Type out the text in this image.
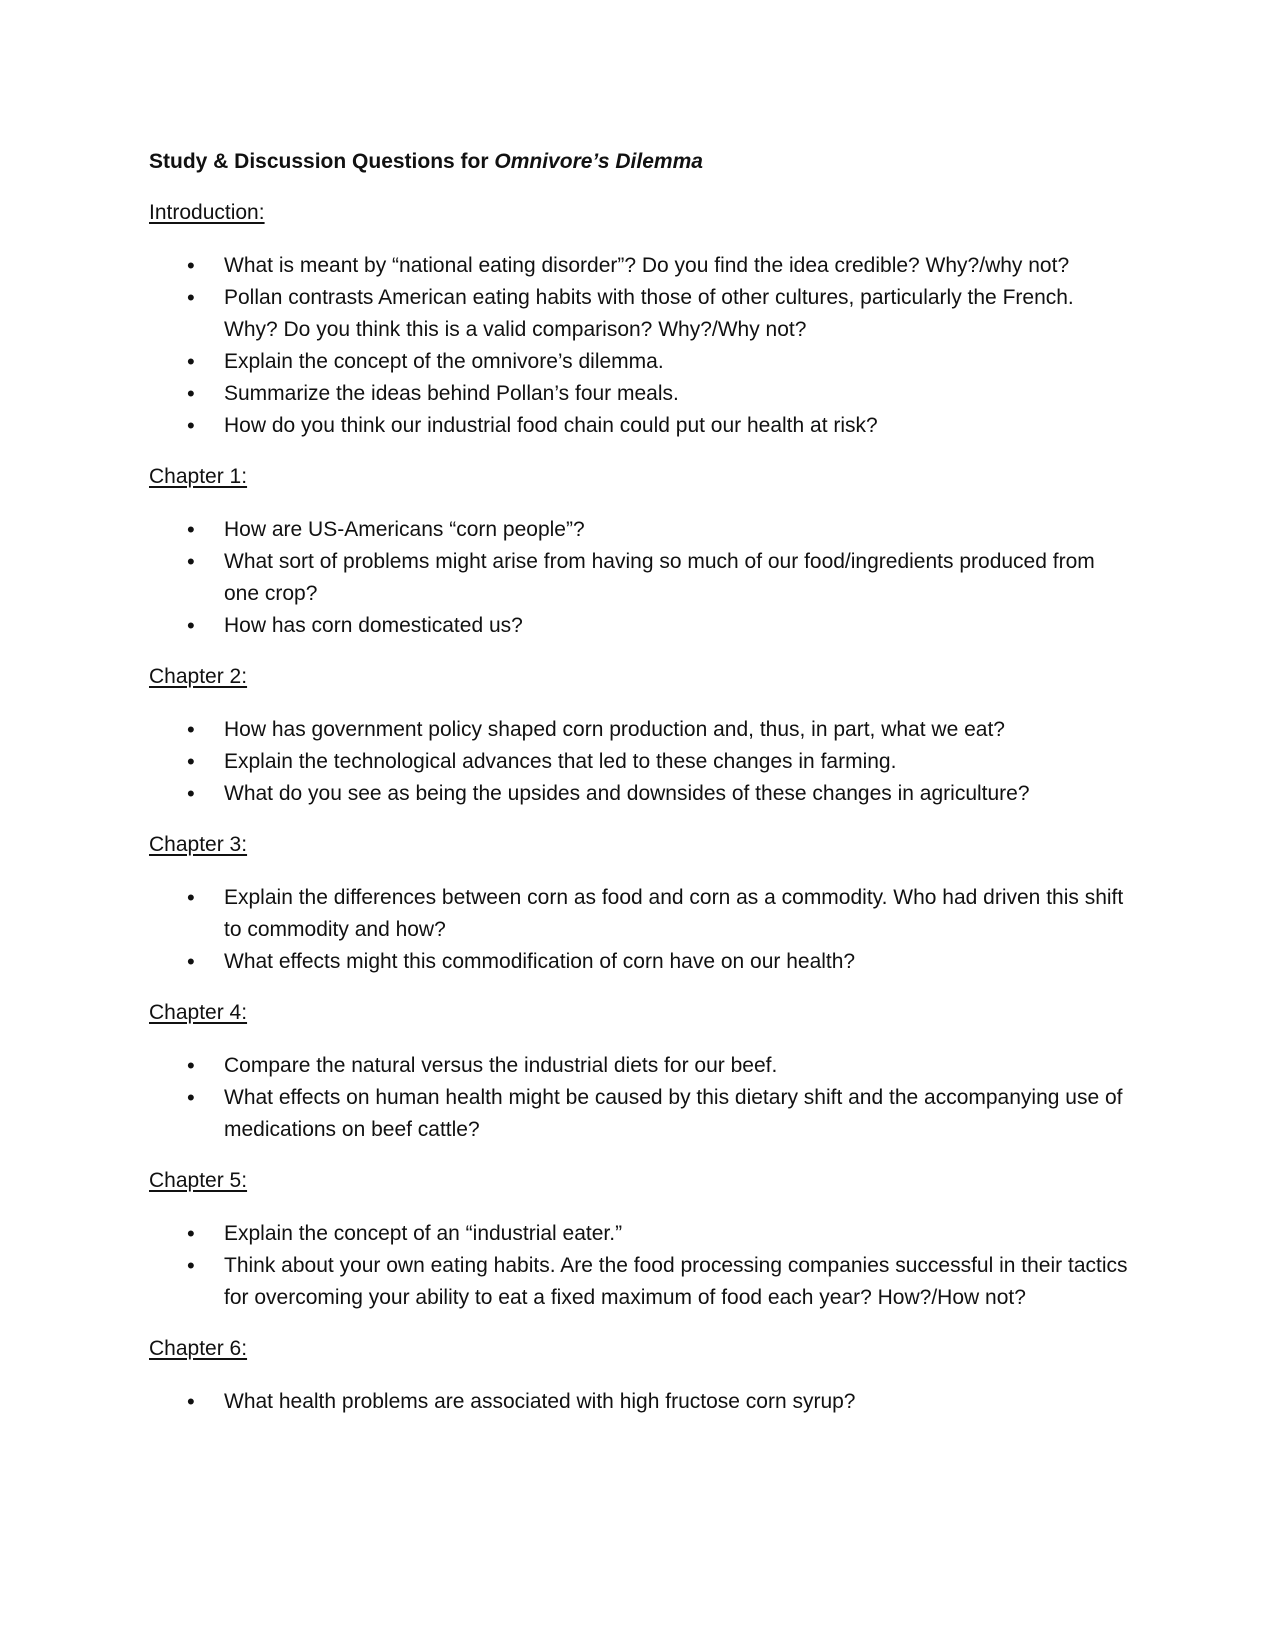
Study & Discussion Questions for Omnivore’s Dilemma
Introduction:
•	What is meant by “national eating disorder”? Do you find the idea credible? Why?/why not?
•	Pollan contrasts American eating habits with those of other cultures, particularly the French. Why? Do you think this is a valid comparison? Why?/Why not?
•	Explain the concept of the omnivore’s dilemma.
•	Summarize the ideas behind Pollan’s four meals.
•	How do you think our industrial food chain could put our health at risk?
Chapter 1:
•	How are US-Americans “corn people”?
•	What sort of problems might arise from having so much of our food/ingredients produced from one crop?
•	How has corn domesticated us?
Chapter 2:
•	How has government policy shaped corn production and, thus, in part, what we eat?
•	Explain the technological advances that led to these changes in farming.
•	What do you see as being the upsides and downsides of these changes in agriculture?
Chapter 3:
•	Explain the differences between corn as food and corn as a commodity. Who had driven this shift to commodity and how?
•	What effects might this commodification of corn have on our health?
Chapter 4:
•	Compare the natural versus the industrial diets for our beef.
•	What effects on human health might be caused by this dietary shift and the accompanying use of medications on beef cattle?
Chapter 5:
•	Explain the concept of an “industrial eater.”
•	Think about your own eating habits. Are the food processing companies successful in their tactics for overcoming your ability to eat a fixed maximum of food each year? How?/How not?
Chapter 6:
•	What health problems are associated with high fructose corn syrup?
